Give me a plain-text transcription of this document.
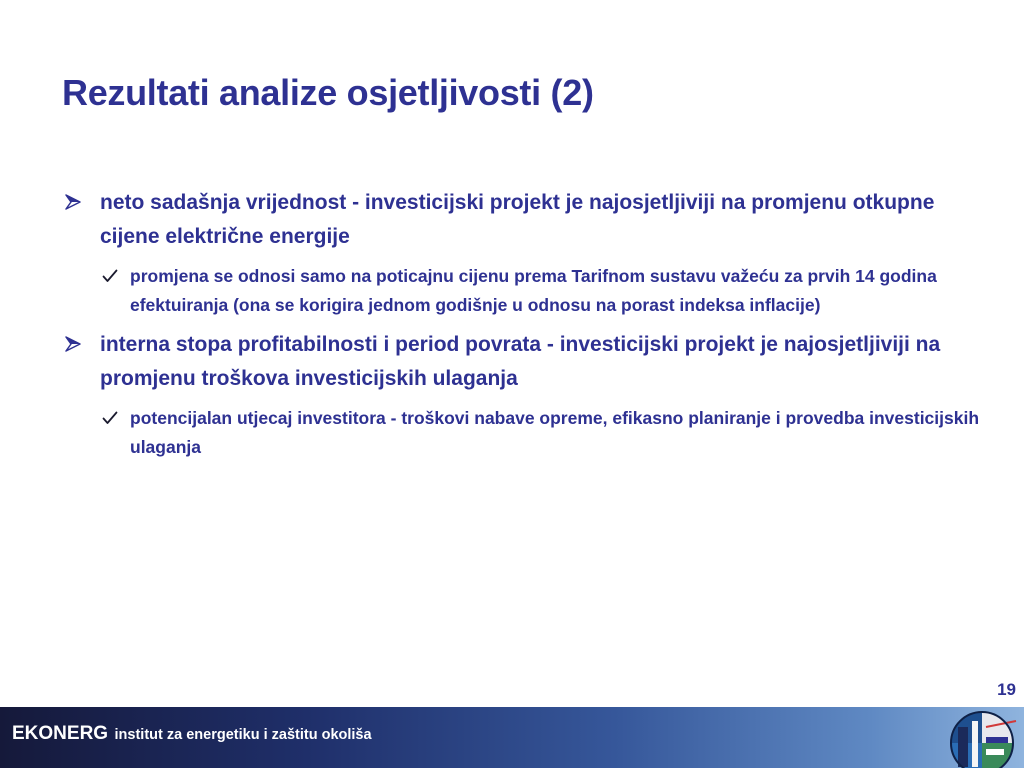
Rezultati analize osjetljivosti (2)
neto sadašnja vrijednost - investicijski projekt je najosjetljiviji na promjenu otkupne cijene električne energije
promjena se odnosi samo na poticajnu cijenu prema Tarifnom sustavu važeću za prvih 14 godina efektuiranja (ona se korigira jednom godišnje u odnosu na porast indeksa inflacije)
interna stopa profitabilnosti i period povrata - investicijski projekt je najosjetljiviji na promjenu troškova investicijskih ulaganja
potencijalan utjecaj investitora - troškovi nabave opreme, efikasno planiranje i provedba investicijskih ulaganja
19
EKONERG institut za energetiku i zaštitu okoliša
